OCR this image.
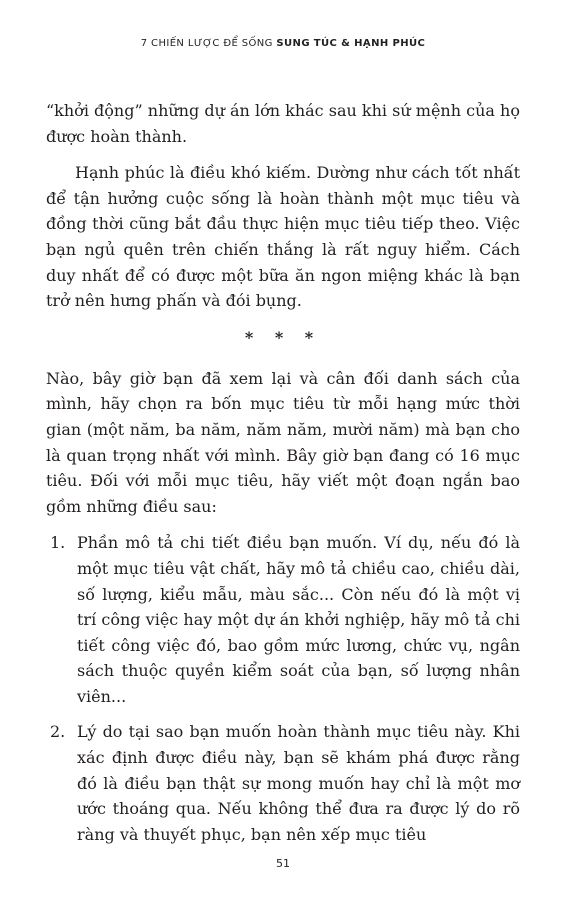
7 CHIẾN LƯỢC ĐỂ SỐNG SUNG TÚC & HẠNH PHÚC

“khởi động” những dự án lớn khác sau khi sứ mệnh của họ được hoàn thành.

Hạnh phúc là điều khó kiếm. Dường như cách tốt nhất để tận hưởng cuộc sống là hoàn thành một mục tiêu và đồng thời cũng bắt đầu thực hiện mục tiêu tiếp theo. Việc bạn ngủ quên trên chiến thắng là rất nguy hiểm. Cách duy nhất để có được một bữa ăn ngon miệng khác là bạn trở nên hưng phấn và đói bụng.

* * *

Nào, bây giờ bạn đã xem lại và cân đối danh sách của mình, hãy chọn ra bốn mục tiêu từ mỗi hạng mức thời gian (một năm, ba năm, năm năm, mười năm) mà bạn cho là quan trọng nhất với mình. Bây giờ bạn đang có 16 mục tiêu. Đối với mỗi mục tiêu, hãy viết một đoạn ngắn bao gồm những điều sau:

1. Phần mô tả chi tiết điều bạn muốn. Ví dụ, nếu đó là một mục tiêu vật chất, hãy mô tả chiều cao, chiều dài, số lượng, kiểu mẫu, màu sắc... Còn nếu đó là một vị trí công việc hay một dự án khởi nghiệp, hãy mô tả chi tiết công việc đó, bao gồm mức lương, chức vụ, ngân sách thuộc quyền kiểm soát của bạn, số lượng nhân viên...
2. Lý do tại sao bạn muốn hoàn thành mục tiêu này. Khi xác định được điều này, bạn sẽ khám phá được rằng đó là điều bạn thật sự mong muốn hay chỉ là một mơ ước thoáng qua. Nếu không thể đưa ra được lý do rõ ràng và thuyết phục, bạn nên xếp mục tiêu
51
